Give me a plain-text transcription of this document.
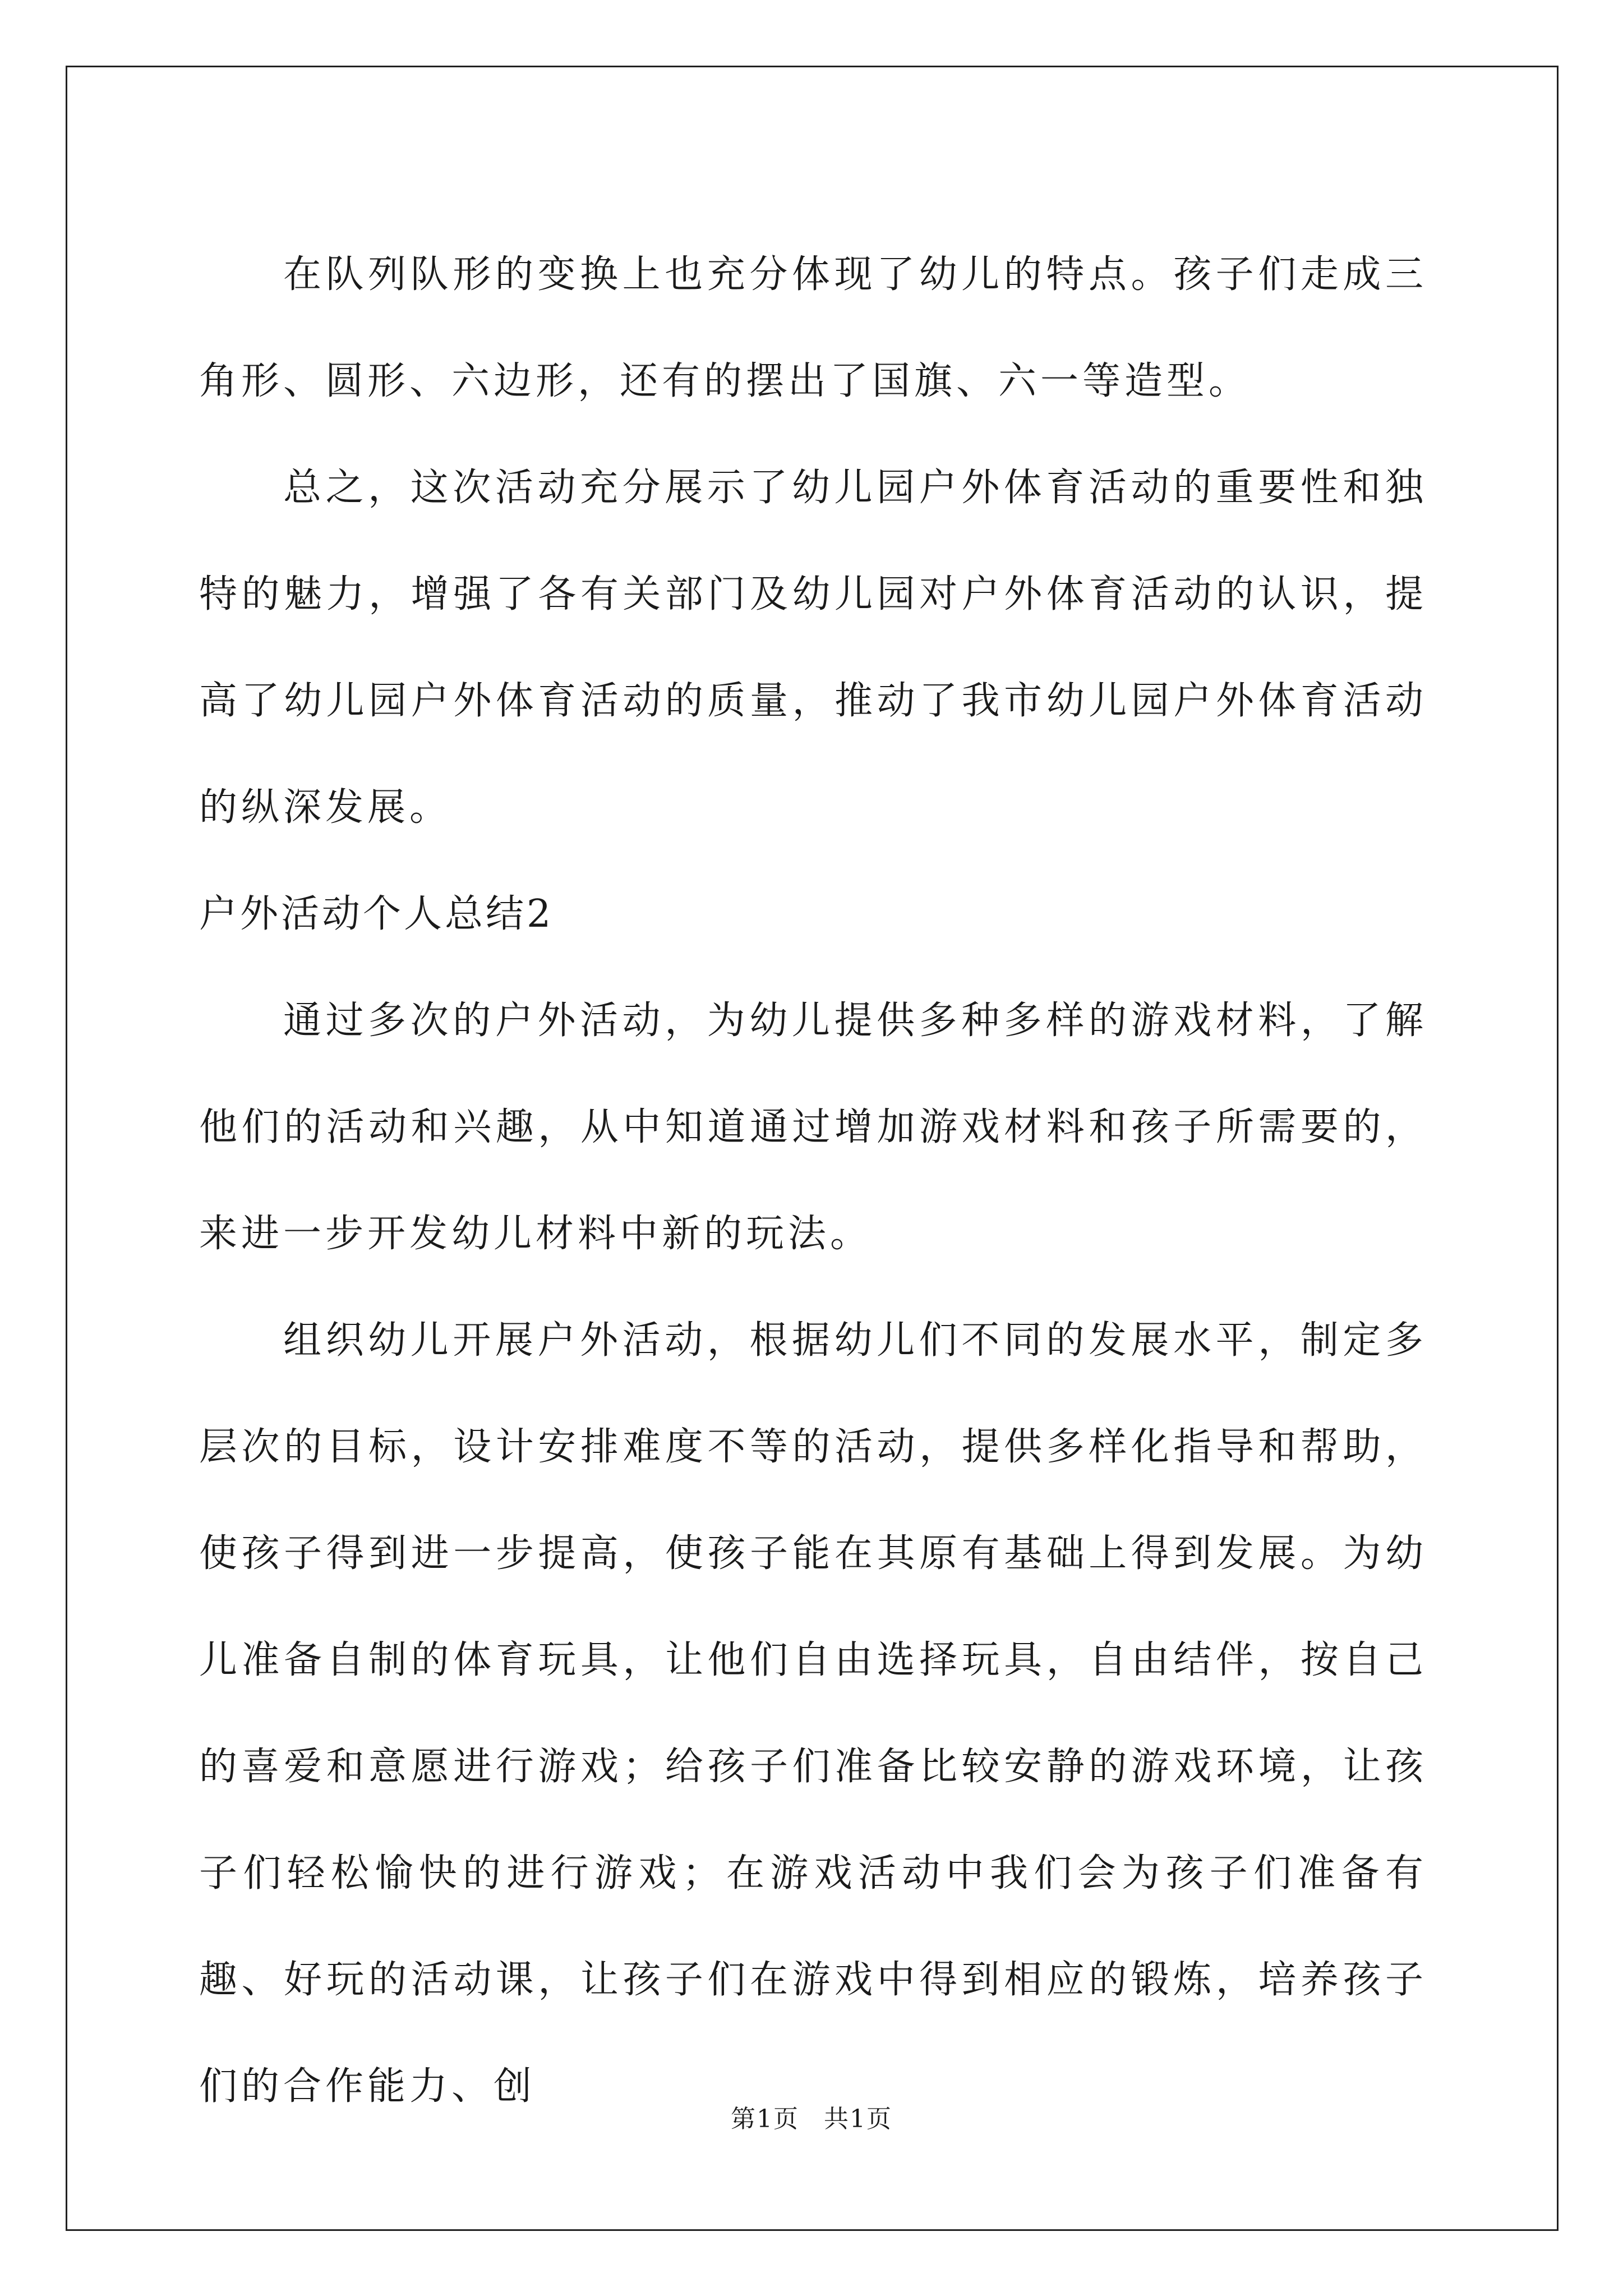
在队列队形的变换上也充分体现了幼儿的特点。孩子们走成三角形、圆形、六边形，还有的摆出了国旗、六一等造型。

总之，这次活动充分展示了幼儿园户外体育活动的重要性和独特的魅力，增强了各有关部门及幼儿园对户外体育活动的认识，提高了幼儿园户外体育活动的质量，推动了我市幼儿园户外体育活动的纵深发展。

户外活动个人总结2

通过多次的户外活动，为幼儿提供多种多样的游戏材料，了解他们的活动和兴趣，从中知道通过增加游戏材料和孩子所需要的，来进一步开发幼儿材料中新的玩法。

组织幼儿开展户外活动，根据幼儿们不同的发展水平，制定多层次的目标，设计安排难度不等的活动，提供多样化指导和帮助，使孩子得到进一步提高，使孩子能在其原有基础上得到发展。为幼儿准备自制的体育玩具，让他们自由选择玩具，自由结伴，按自己的喜爱和意愿进行游戏；给孩子们准备比较安静的游戏环境，让孩子们轻松愉快的进行游戏；在游戏活动中我们会为孩子们准备有趣、好玩的活动课，让孩子们在游戏中得到相应的锻炼，培养孩子们的合作能力、创

第1页 共1页
